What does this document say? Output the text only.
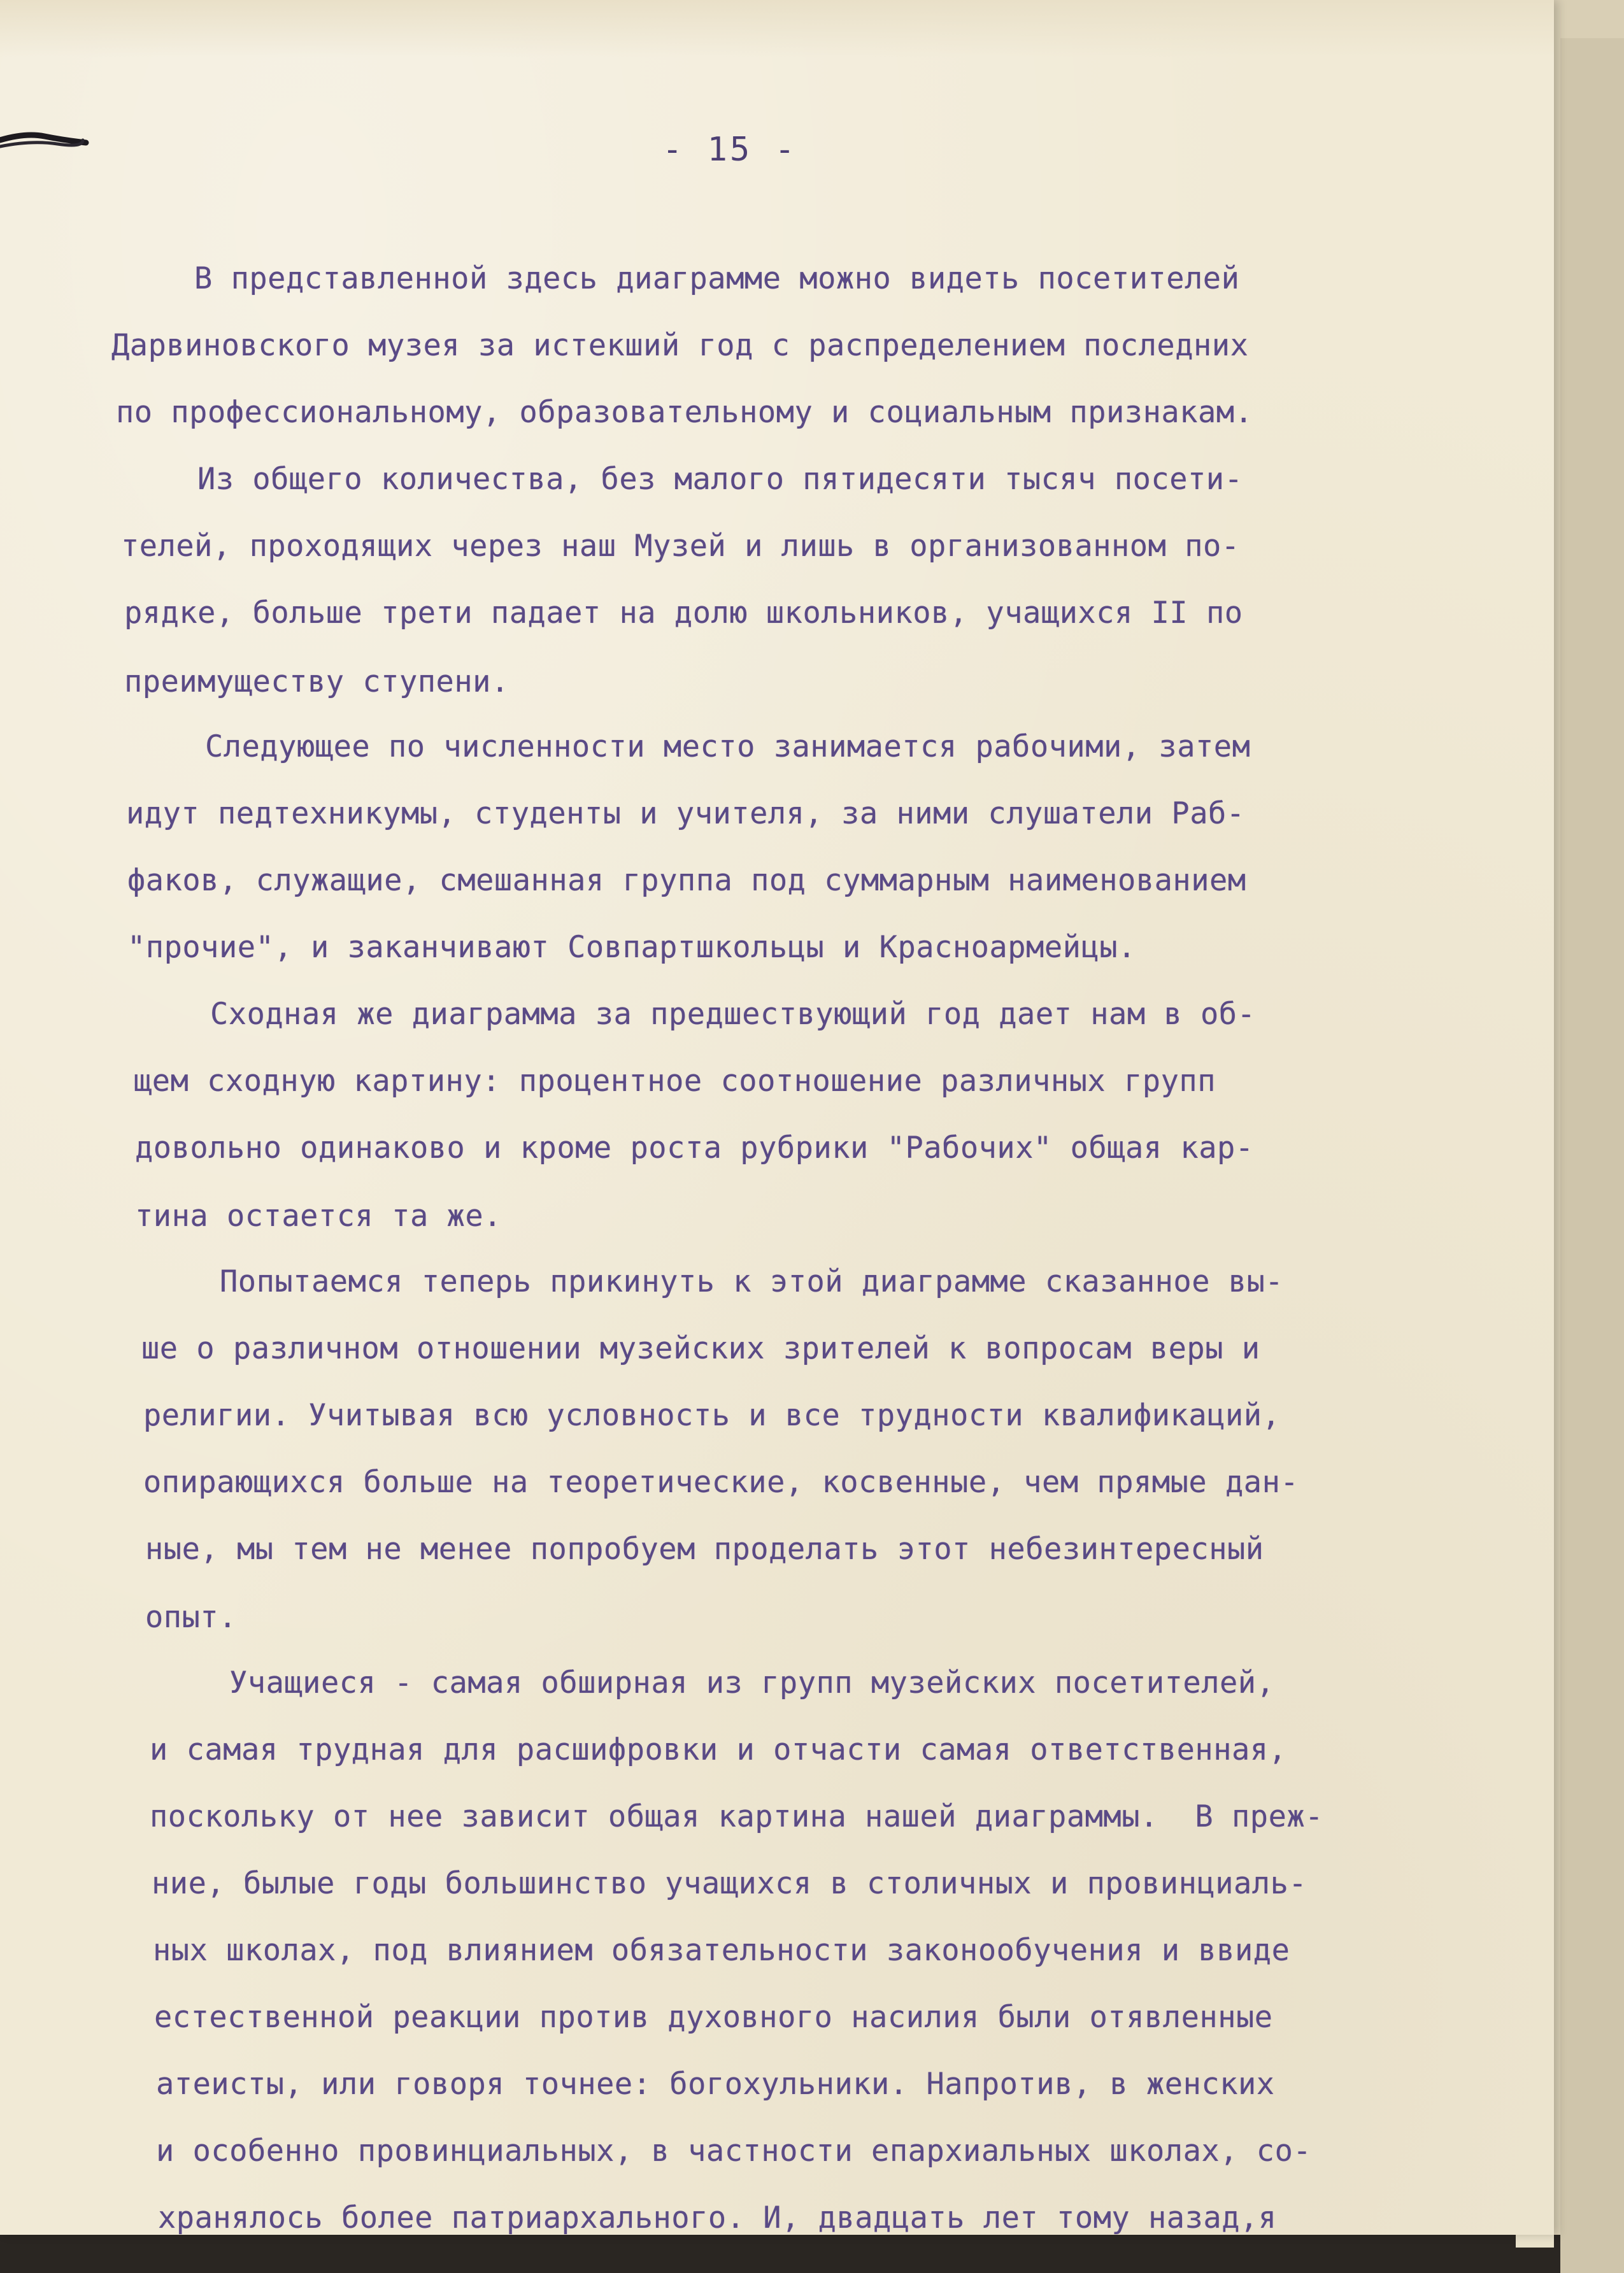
- 15 -
В представленной здесь диаграмме можно видеть посетителей
Дарвиновского музея за истекший год с распределением последних
по профессиональному, образовательному и социальным признакам.
Из общего количества, без малого пятидесяти тысяч посети-
телей, проходящих через наш Музей и лишь в организованном по-
рядке, больше трети падает на долю школьников, учащихся II по
преимуществу ступени.
Следующее по численности место занимается рабочими, затем
идут педтехникумы, студенты и учителя, за ними слушатели Раб-
факов, служащие, смешанная группа под суммарным наименованием
"прочие", и заканчивают Совпартшкольцы и Красноармейцы.
Сходная же диаграмма за предшествующий год дает нам в об-
щем сходную картину: процентное соотношение различных групп
довольно одинаково и кроме роста рубрики "Рабочих" общая кар-
тина остается та же.
Попытаемся теперь прикинуть к этой диаграмме сказанное вы-
ше о различном отношении музейских зрителей к вопросам веры и
религии. Учитывая всю условность и все трудности квалификаций,
опирающихся больше на теоретические, косвенные, чем прямые дан-
ные, мы тем не менее попробуем проделать этот небезинтересный
опыт.
Учащиеся - самая обширная из групп музейских посетителей,
и самая трудная для расшифровки и отчасти самая ответственная,
поскольку от нее зависит общая картина нашей диаграммы.  В преж-
ние, былые годы большинство учащихся в столичных и провинциаль-
ных школах, под влиянием обязательности законообучения и ввиде
естественной реакции против духовного насилия были отявленные
атеисты, или говоря точнее: богохульники. Напротив, в женских
и особенно провинциальных, в частности епархиальных школах, со-
хранялось более патриархального. И, двадцать лет тому назад,я
